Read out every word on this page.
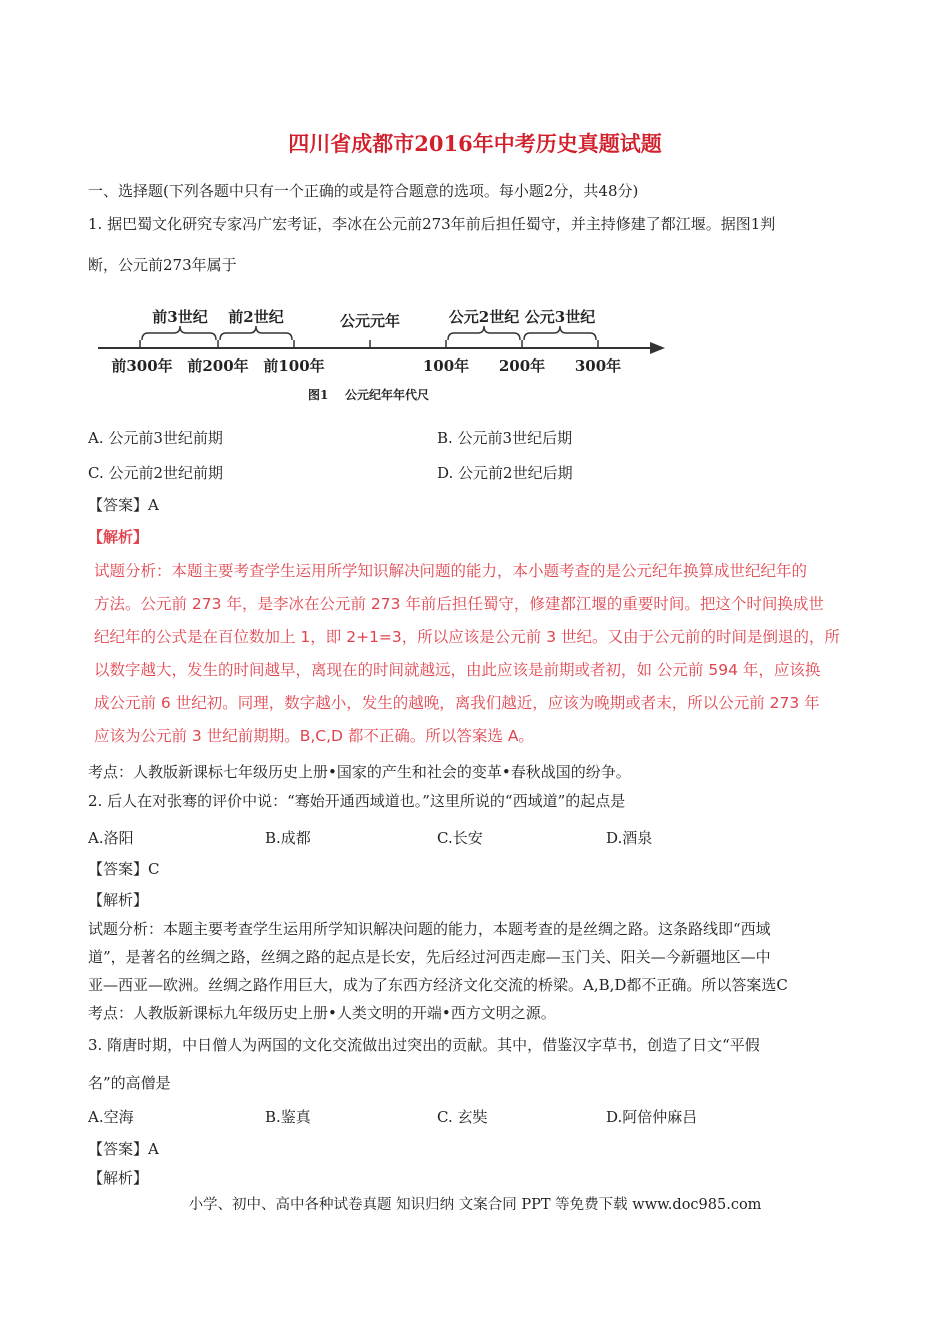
四川省成都市2016年中考历史真题试题
一、选择题(下列各题中只有一个正确的或是符合题意的选项。每小题2分，共48分)
1. 据巴蜀文化研究专家冯广宏考证，李冰在公元前273年前后担任蜀守，并主持修建了都江堰。据图1判
断，公元前273年属于
前3世纪 前2世纪	公元元年	公元2世纪 公元3世纪
前300年 前200年 前100年	100年 200年 300年
图1    公元纪年年代尺
A. 公元前3世纪前期	B. 公元前3世纪后期
C. 公元前2世纪前期	D. 公元前2世纪后期
【答案】A
【解析】
试题分析：本题主要考查学生运用所学知识解决问题的能力，本小题考查的是公元纪年换算成世纪纪年的
方法。公元前 273 年，是李冰在公元前 273 年前后担任蜀守，修建都江堰的重要时间。把这个时间换成世
纪纪年的公式是在百位数加上 1，即 2+1=3，所以应该是公元前 3 世纪。又由于公元前的时间是倒退的，所
以数字越大，发生的时间越早，离现在的时间就越远，由此应该是前期或者初，如 公元前 594 年，应该换
成公元前 6 世纪初。同理，数字越小，发生的越晚，离我们越近，应该为晚期或者末，所以公元前 273 年
应该为公元前 3 世纪前期期。B,C,D 都不正确。所以答案选 A。
考点：人教版新课标七年级历史上册•国家的产生和社会的变革•春秋战国的纷争。
2. 后人在对张骞的评价中说：“骞始开通西域道也。”这里所说的“西域道”的起点是
A.洛阳	B.成都	C.长安	D.酒泉
【答案】C
【解析】
试题分析：本题主要考查学生运用所学知识解决问题的能力，本题考查的是丝绸之路。这条路线即“西域
道”，是著名的丝绸之路，丝绸之路的起点是长安，先后经过河西走廊—玉门关、阳关—今新疆地区—中
亚—西亚—欧洲。丝绸之路作用巨大，成为了东西方经济文化交流的桥梁。A,B,D都不正确。所以答案选C
考点：人教版新课标九年级历史上册•人类文明的开端•西方文明之源。
3. 隋唐时期，中日僧人为两国的文化交流做出过突出的贡献。其中，借鉴汉字草书，创造了日文“平假
名”的高僧是
A.空海	B.鉴真	C. 玄奘	D.阿倍仲麻吕
【答案】A
【解析】
小学、初中、高中各种试卷真题 知识归纳 文案合同 PPT 等免费下载 www.doc985.com
